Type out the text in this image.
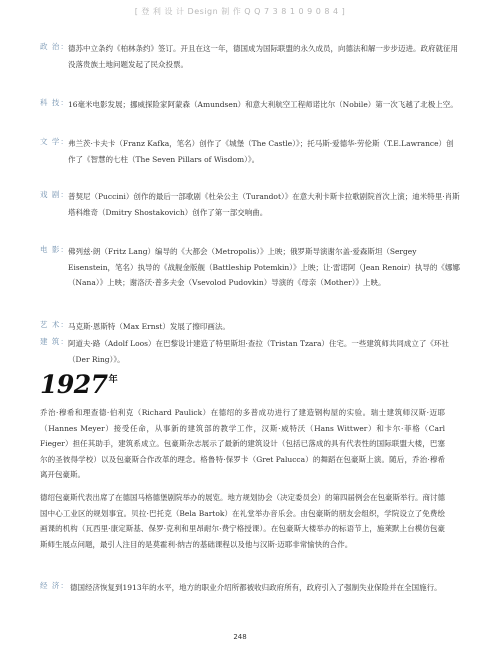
[ 登 利 设 计 Design 制 作 Q Q 7 3 8 1 0 9 0 8 4 ]
政 治： 德苏中立条约《柏林条约》签订。开且在这一年，德国成为国际联盟的永久成员，向德法和解一步步迈进。政府就征用没落贵族土地问题发起了民众投票。
科 技： 16毫米电影发展；挪威探险家阿蒙森（Amundsen）和意大利航空工程师诺比尔（Nobile）第一次飞越了北极上空。
文 学： 弗兰茨·卡夫卡（Franz Kafka，笔名）创作了《城堡（The Castle）》；托马斯·爱德华·劳伦斯（T.E.Lawrance）创作了《智慧的七柱（The Seven Pillars of Wisdom）》。
戏 剧： 普契尼（Puccini）创作的最后一部歌剧《杜朵公主（Turandot）》在意大利卡斯卡拉歌剧院首次上演；迪米特里·肖斯塔科维奇（Dmitry Shostakovich）创作了第一部交响曲。
电 影： 佛列兹·朗（Fritz Lang）编导的《大都会（Metropolis）》上映；俄罗斯导演谢尔盖·爱森斯坦（Sergey Eisenstein，笔名）执导的《战舰金版舰（Battleship Potemkin）》上映；让·雷诺阿（Jean Renoir）执导的《娜娜（Nana）》上映；谢洛沃·普多夫金（Vsevolod Pudovkin）导演的《母亲（Mother）》上映。
艺 术： 马克斯·恩斯特（Max Ernst）发展了擦印画法。
建 筑： 阿道夫·路（Adolf Loos）在巴黎设计建造了特里斯坦·查拉（Tristan Tzara）住宅。一些建筑师共同成立了《环社（Der Ring）》。
$1927^年$
乔治·穆希和理查德·伯利克（Richard Paulick）在德绍的多普成功进行了建造钢构屋的实验。瑞士建筑师汉斯·迈耶（Hannes Meyer）接受任命，从事新的建筑部的教学工作，汉斯·威特沃（Hans Wittwer）和卡尔·菲格（Carl Fieger）担任其助手，建筑系成立。包豪斯杂志展示了最新的建筑设计（包括已落成的具有代表性的国际联盟大楼，巴塞尔的圣彼得学校）以及包豪斯合作改革的理念。格鲁特·保罗卡（Gret Palucca）的舞蹈在包豪斯上演。随后，乔治·穆希离开包豪斯。
德绍包豪斯代表出席了在德国马格德堡剧院举办的展览。地方规划协会（决定委员会）的第四届例会在包豪斯举行。商讨德国中心工业区的规划事宜。贝拉·巴托克（Bela Bartok）在礼堂举办音乐会。由包豪斯的朋友会组织，学院设立了免费绘画课的机构（瓦西里·康定斯基、保罗·克利和里昂耐尔·费宁格授课）。在包豪斯大楼举办的标语节上，施莱默上台模仿包豪斯师生展点问题，最引人注目的是莫霍利·纳吉的基础课程以及他与汉斯·迈耶非常愉快的合作。
经 济： 德国经济恢复到1913年的水平，地方的职业介绍所都被收归政府所有，政府引入了强制失业保险并在全国施行。
248
